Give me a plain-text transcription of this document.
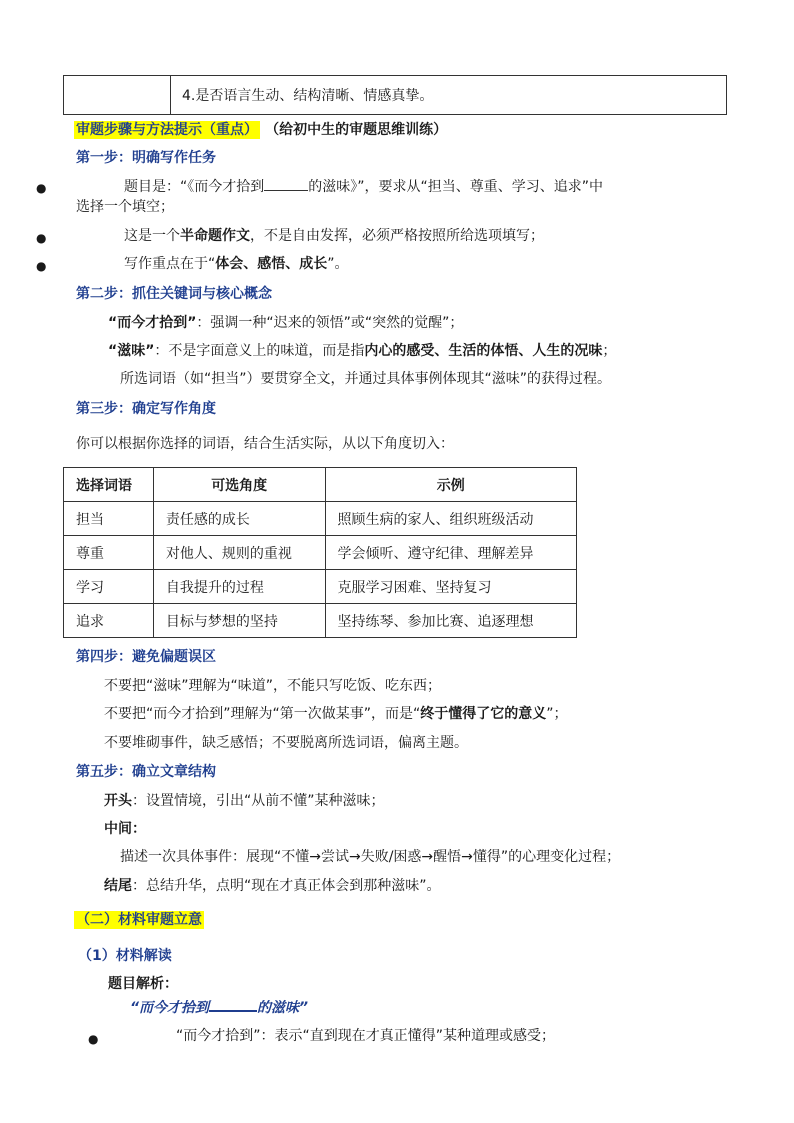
4.是否语言生动、结构清晰、情感真挚。
审题步骤与方法提示（重点） （给初中生的审题思维训练）
第一步：明确写作任务
●	题目是：“《而今才拾到	的滋味》”，要求从“担当、尊重、学习、追求”中
选择一个填空；
●	这是一个半命题作文，不是自由发挥，必须严格按照所给选项填写；
●	写作重点在于“体会、感悟、成长”。
第二步：抓住关键词与核心概念
“而今才拾到”：强调一种“迟来的领悟”或“突然的觉醒”；
“滋味”：不是字面意义上的味道，而是指内心的感受、生活的体悟、人生的况味；
所选词语（如“担当”）要贯穿全文，并通过具体事例体现其“滋味”的获得过程。
第三步：确定写作角度
你可以根据你选择的词语，结合生活实际，从以下角度切入：
选择词语	可选角度	示例
担当	责任感的成长	照顾生病的家人、组织班级活动
尊重	对他人、规则的重视	学会倾听、遵守纪律、理解差异
学习	自我提升的过程	克服学习困难、坚持复习
追求	目标与梦想的坚持	坚持练琴、参加比赛、追逐理想
第四步：避免偏题误区
不要把“滋味”理解为“味道”，不能只写吃饭、吃东西；
不要把“而今才拾到”理解为“第一次做某事”，而是“终于懂得了它的意义”；
不要堆砌事件，缺乏感悟；不要脱离所选词语，偏离主题。
第五步：确立文章结构
开头：设置情境，引出“从前不懂”某种滋味；
中间：
描述一次具体事件：展现“不懂→尝试→失败/困惑→醒悟→懂得”的心理变化过程；
结尾：总结升华，点明“现在才真正体会到那种滋味”。
（二）材料审题立意
（1）材料解读
题目解析：
“而今才拾到	的滋味”
●	“而今才拾到”：表示“直到现在才真正懂得”某种道理或感受；
